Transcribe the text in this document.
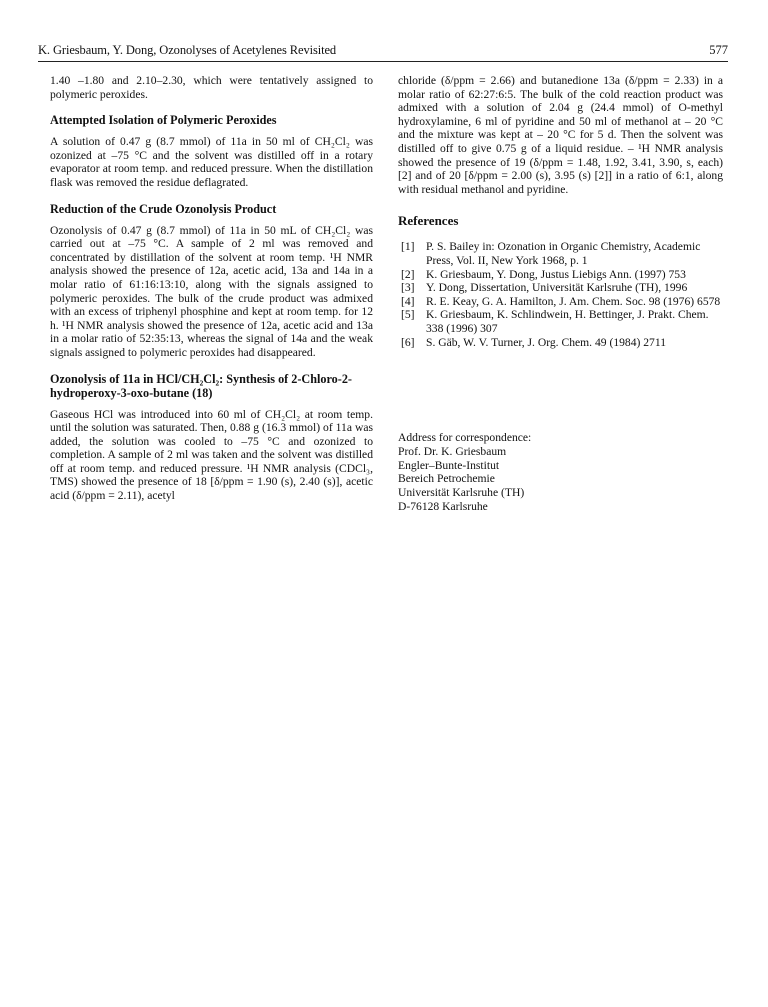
K. Griesbaum, Y. Dong, Ozonolyses of Acetylenes Revisited	577

1.40 –1.80 and 2.10–2.30, which were tentatively assigned to polymeric peroxides.

Attempted Isolation of Polymeric Peroxides

A solution of 0.47 g (8.7 mmol) of 11a in 50 ml of CH₂Cl₂ was ozonized at –75 °C and the solvent was distilled off in a rotary evaporator at room temp. and reduced pressure. When the distillation flask was removed the residue deflagrated.

Reduction of the Crude Ozonolysis Product

Ozonolysis of 0.47 g (8.7 mmol) of 11a in 50 mL of CH₂Cl₂ was carried out at –75 °C. A sample of 2 ml was removed and concentrated by distillation of the solvent at room temp. ¹H NMR analysis showed the presence of 12a, acetic acid, 13a and 14a in a molar ratio of 61:16:13:10, along with the signals assigned to polymeric peroxides. The bulk of the crude product was admixed with an excess of triphenyl phosphine and kept at room temp. for 12 h. ¹H NMR analysis showed the presence of 12a, acetic acid and 13a in a molar ratio of 52:35:13, whereas the signal of 14a and the weak signals assigned to polymeric peroxides had disappeared.

Ozonolysis of 11a in HCl/CH₂Cl₂: Synthesis of 2-Chloro-2-hydroperoxy-3-oxo-butane (18)

Gaseous HCl was introduced into 60 ml of CH₂Cl₂ at room temp. until the solution was saturated. Then, 0.88 g (16.3 mmol) of 11a was added, the solution was cooled to –75 °C and ozonized to completion. A sample of 2 ml was taken and the solvent was distilled off at room temp. and reduced pressure. ¹H NMR analysis (CDCl₃, TMS) showed the presence of 18 [δ/ppm = 1.90 (s), 2.40 (s)], acetic acid (δ/ppm = 2.11), acetyl

chloride (δ/ppm = 2.66) and butanedione 13a (δ/ppm = 2.33) in a molar ratio of 62:27:6:5. The bulk of the cold reaction product was admixed with a solution of 2.04 g (24.4 mmol) of O-methyl hydroxylamine, 6 ml of pyridine and 50 ml of methanol at – 20 °C and the mixture was kept at – 20 °C for 5 d. Then the solvent was distilled off to give 0.75 g of a liquid residue. – ¹H NMR analysis showed the presence of 19 (δ/ppm = 1.48, 1.92, 3.41, 3.90, s, each) [2] and of 20 [δ/ppm = 2.00 (s), 3.95 (s) [2]] in a ratio of 6:1, along with residual methanol and pyridine.

References
[1] P. S. Bailey in: Ozonation in Organic Chemistry, Academic Press, Vol. II, New York 1968, p. 1
[2] K. Griesbaum, Y. Dong, Justus Liebigs Ann. (1997) 753
[3] Y. Dong, Dissertation, Universität Karlsruhe (TH), 1996
[4] R. E. Keay, G. A. Hamilton, J. Am. Chem. Soc. 98 (1976) 6578
[5] K. Griesbaum, K. Schlindwein, H. Bettinger, J. Prakt. Chem. 338 (1996) 307
[6] S. Gäb, W. V. Turner, J. Org. Chem. 49 (1984) 2711
Address for correspondence:
Prof. Dr. K. Griesbaum
Engler–Bunte-Institut
Bereich Petrochemie
Universität Karlsruhe (TH)
D-76128 Karlsruhe
